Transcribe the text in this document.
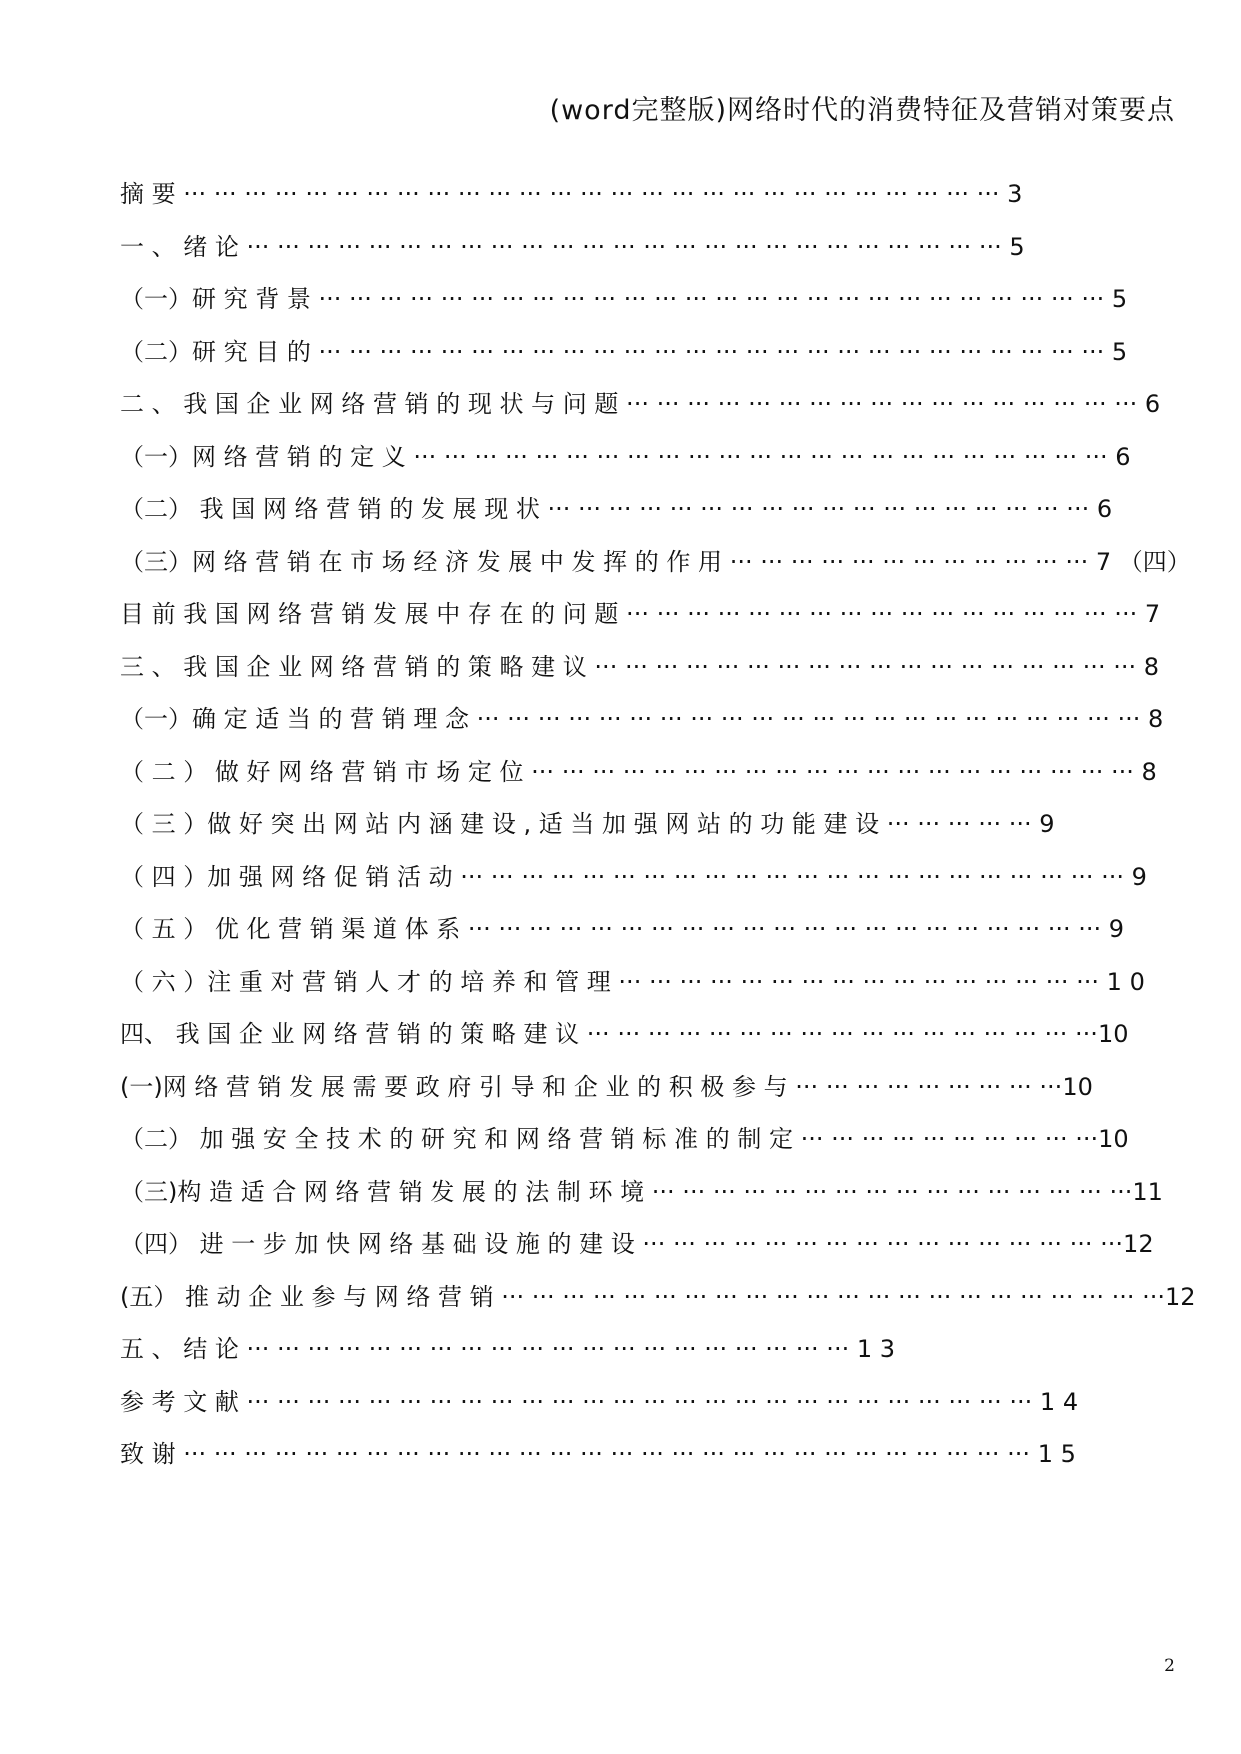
(word完整版)网络时代的消费特征及营销对策要点
摘 要 ··· ··· ··· ··· ··· ··· ··· ··· ··· ··· ··· ··· ··· ··· ··· ··· ··· ··· ··· ··· ··· ··· ··· ··· ··· ··· ··· 3
一 、 绪 论 ··· ··· ··· ··· ··· ··· ··· ··· ··· ··· ··· ··· ··· ··· ··· ··· ··· ··· ··· ··· ··· ··· ··· ··· ··· 5
（一）研 究 背 景 ··· ··· ··· ··· ··· ··· ··· ··· ··· ··· ··· ··· ··· ··· ··· ··· ··· ··· ··· ··· ··· ··· ··· ··· ··· ··· 5
（二）研 究 目 的 ··· ··· ··· ··· ··· ··· ··· ··· ··· ··· ··· ··· ··· ··· ··· ··· ··· ··· ··· ··· ··· ··· ··· ··· ··· ··· 5
二 、 我 国 企 业 网 络 营 销 的 现 状 与 问 题 ··· ··· ··· ··· ··· ··· ··· ··· ··· ··· ··· ··· ··· ··· ··· ··· ··· 6
（一）网 络 营 销 的 定 义 ··· ··· ··· ··· ··· ··· ··· ··· ··· ··· ··· ··· ··· ··· ··· ··· ··· ··· ··· ··· ··· ··· ··· 6
（二） 我 国 网 络 营 销 的 发 展 现 状 ··· ··· ··· ··· ··· ··· ··· ··· ··· ··· ··· ··· ··· ··· ··· ··· ··· ··· 6
（三）网 络 营 销 在 市 场 经 济 发 展 中 发 挥 的 作 用 ··· ··· ··· ··· ··· ··· ··· ··· ··· ··· ··· ··· 7 （四）
目 前 我 国 网 络 营 销 发 展 中 存 在 的 问 题 ··· ··· ··· ··· ··· ··· ··· ··· ··· ··· ··· ··· ··· ··· ··· ··· ··· 7
三 、 我 国 企 业 网 络 营 销 的 策 略 建 议 ··· ··· ··· ··· ··· ··· ··· ··· ··· ··· ··· ··· ··· ··· ··· ··· ··· ··· 8
（一）确 定 适 当 的 营 销 理 念 ··· ··· ··· ··· ··· ··· ··· ··· ··· ··· ··· ··· ··· ··· ··· ··· ··· ··· ··· ··· ··· ··· 8
（ 二 ） 做 好 网 络 营 销 市 场 定 位 ··· ··· ··· ··· ··· ··· ··· ··· ··· ··· ··· ··· ··· ··· ··· ··· ··· ··· ··· ··· 8
（ 三 ）做 好 突 出 网 站 内 涵 建 设 , 适 当 加 强 网 站 的 功 能 建 设 ··· ··· ··· ··· ··· 9
（ 四 ）加 强 网 络 促 销 活 动 ··· ··· ··· ··· ··· ··· ··· ··· ··· ··· ··· ··· ··· ··· ··· ··· ··· ··· ··· ··· ··· ··· 9
（ 五 ） 优 化 营 销 渠 道 体 系 ··· ··· ··· ··· ··· ··· ··· ··· ··· ··· ··· ··· ··· ··· ··· ··· ··· ··· ··· ··· ··· 9
（ 六 ）注 重 对 营 销 人 才 的 培 养 和 管 理 ··· ··· ··· ··· ··· ··· ··· ··· ··· ··· ··· ··· ··· ··· ··· ··· 1 0
四、 我 国 企 业 网 络 营 销 的 策 略 建 议 ··· ··· ··· ··· ··· ··· ··· ··· ··· ··· ··· ··· ··· ··· ··· ··· ···10
(一)网 络 营 销 发 展 需 要 政 府 引 导 和 企 业 的 积 极 参 与 ··· ··· ··· ··· ··· ··· ··· ··· ···10
（二） 加 强 安 全 技 术 的 研 究 和 网 络 营 销 标 准 的 制 定 ··· ··· ··· ··· ··· ··· ··· ··· ··· ···10
（三)构 造 适 合 网 络 营 销 发 展 的 法 制 环 境 ··· ··· ··· ··· ··· ··· ··· ··· ··· ··· ··· ··· ··· ··· ··· ···11
（四） 进 一 步 加 快 网 络 基 础 设 施 的 建 设 ··· ··· ··· ··· ··· ··· ··· ··· ··· ··· ··· ··· ··· ··· ··· ···12
(五） 推 动 企 业 参 与 网 络 营 销 ··· ··· ··· ··· ··· ··· ··· ··· ··· ··· ··· ··· ··· ··· ··· ··· ··· ··· ··· ··· ··· ···12
五 、 结 论 ··· ··· ··· ··· ··· ··· ··· ··· ··· ··· ··· ··· ··· ··· ··· ··· ··· ··· ··· ··· 1 3
参 考 文 献 ··· ··· ··· ··· ··· ··· ··· ··· ··· ··· ··· ··· ··· ··· ··· ··· ··· ··· ··· ··· ··· ··· ··· ··· ··· ··· 1 4
致 谢 ··· ··· ··· ··· ··· ··· ··· ··· ··· ··· ··· ··· ··· ··· ··· ··· ··· ··· ··· ··· ··· ··· ··· ··· ··· ··· ··· ··· 1 5
2
